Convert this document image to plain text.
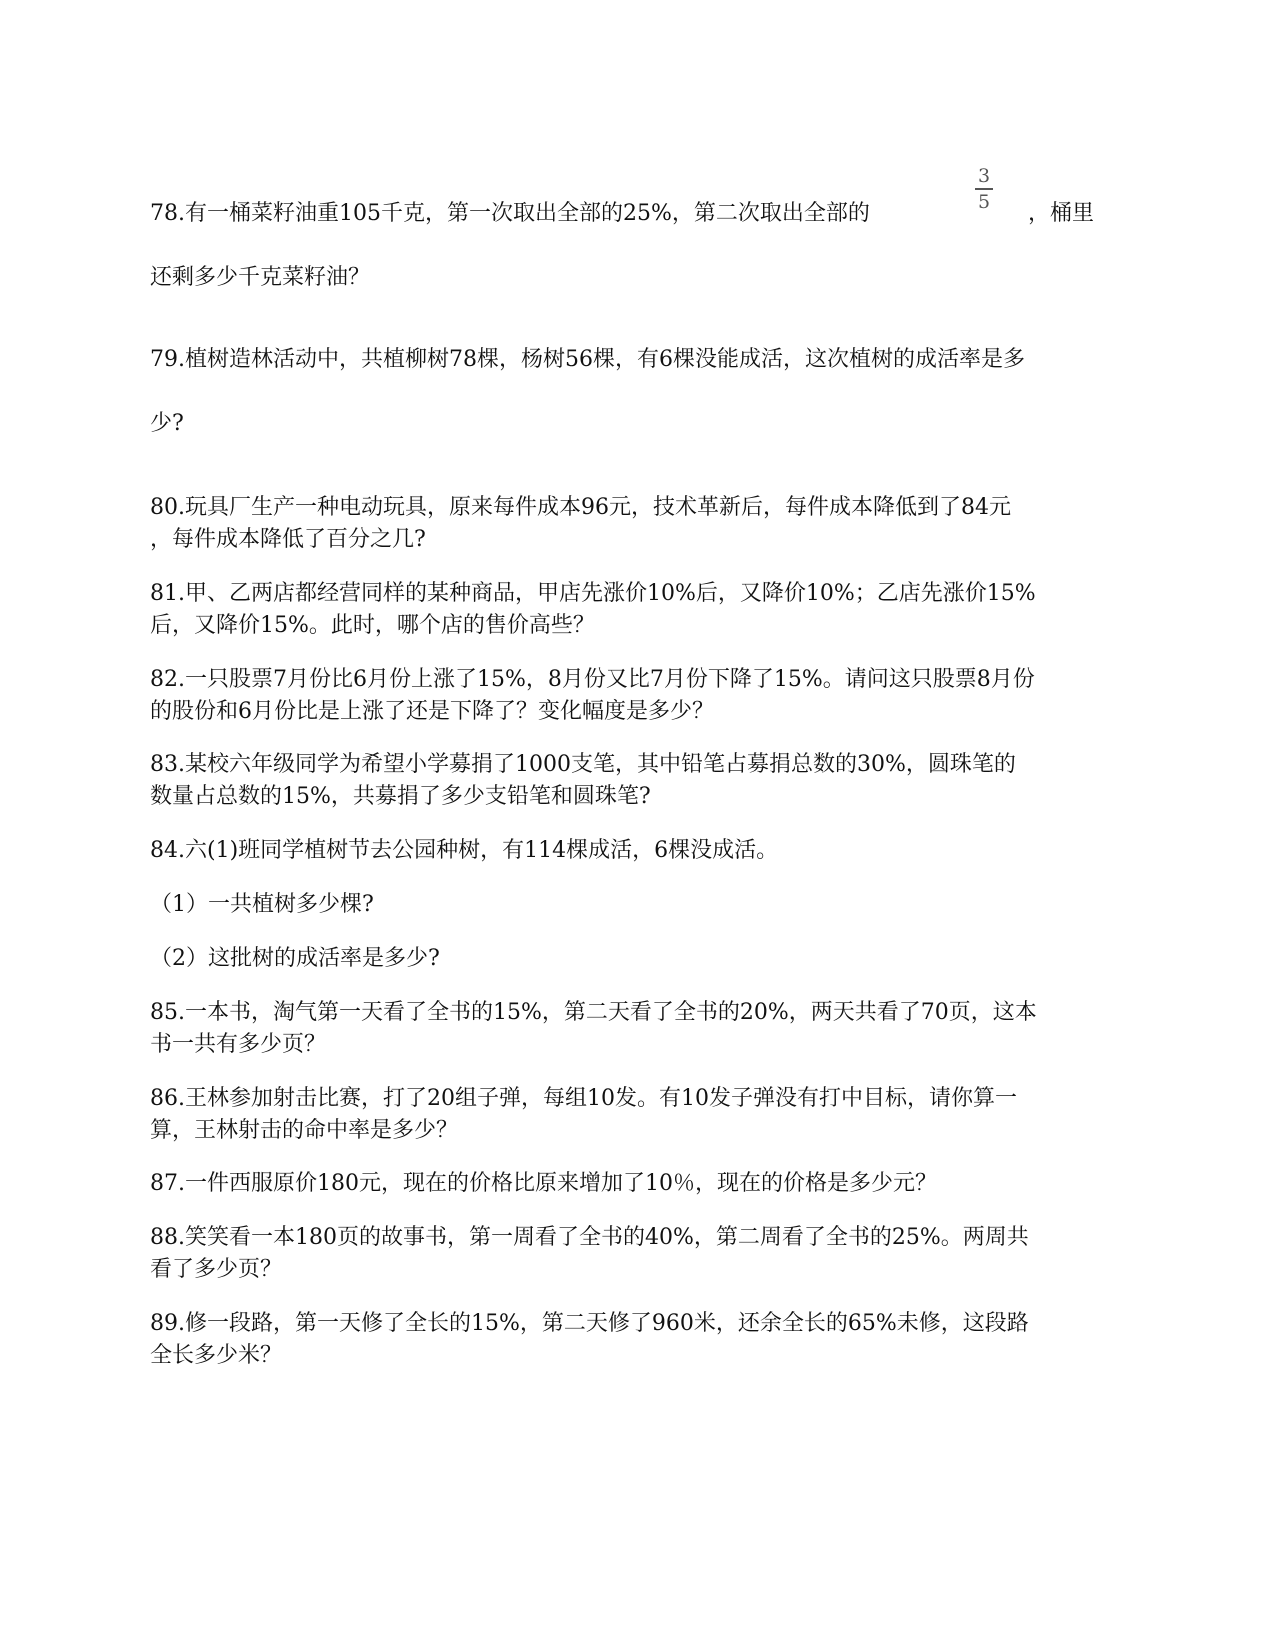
78.有一桶菜籽油重105千克，第一次取出全部的25%，第二次取出全部的
3
5 ，桶里
还剩多少千克菜籽油？
79.植树造林活动中，共植柳树78棵，杨树56棵，有6棵没能成活，这次植树的成活率是多
少?
80.玩具厂生产一种电动玩具，原来每件成本96元，技术革新后，每件成本降低到了84元
，每件成本降低了百分之几?
81.甲、乙两店都经营同样的某种商品，甲店先涨价10%后，又降价10%；乙店先涨价15%
后，又降价15%。此时，哪个店的售价高些？
82.一只股票7月份比6月份上涨了15%，8月份又比7月份下降了15%。请问这只股票8月份
的股份和6月份比是上涨了还是下降了？变化幅度是多少？
83.某校六年级同学为希望小学募捐了1000支笔，其中铅笔占募捐总数的30%，圆珠笔的
数量占总数的15%，共募捐了多少支铅笔和圆珠笔?
84.六(1)班同学植树节去公园种树，有114棵成活，6棵没成活。
（1）一共植树多少棵?
（2）这批树的成活率是多少?
85.一本书，淘气第一天看了全书的15%，第二天看了全书的20%，两天共看了70页，这本
书一共有多少页？
86.王林参加射击比赛，打了20组子弹，每组10发。有10发子弹没有打中目标，请你算一
算，王林射击的命中率是多少？
87.一件西服原价180元，现在的价格比原来增加了10％，现在的价格是多少元？
88.笑笑看一本180页的故事书，第一周看了全书的40%，第二周看了全书的25%。两周共
看了多少页？
89.修一段路，第一天修了全长的15%，第二天修了960米，还余全长的65%未修，这段路
全长多少米？
